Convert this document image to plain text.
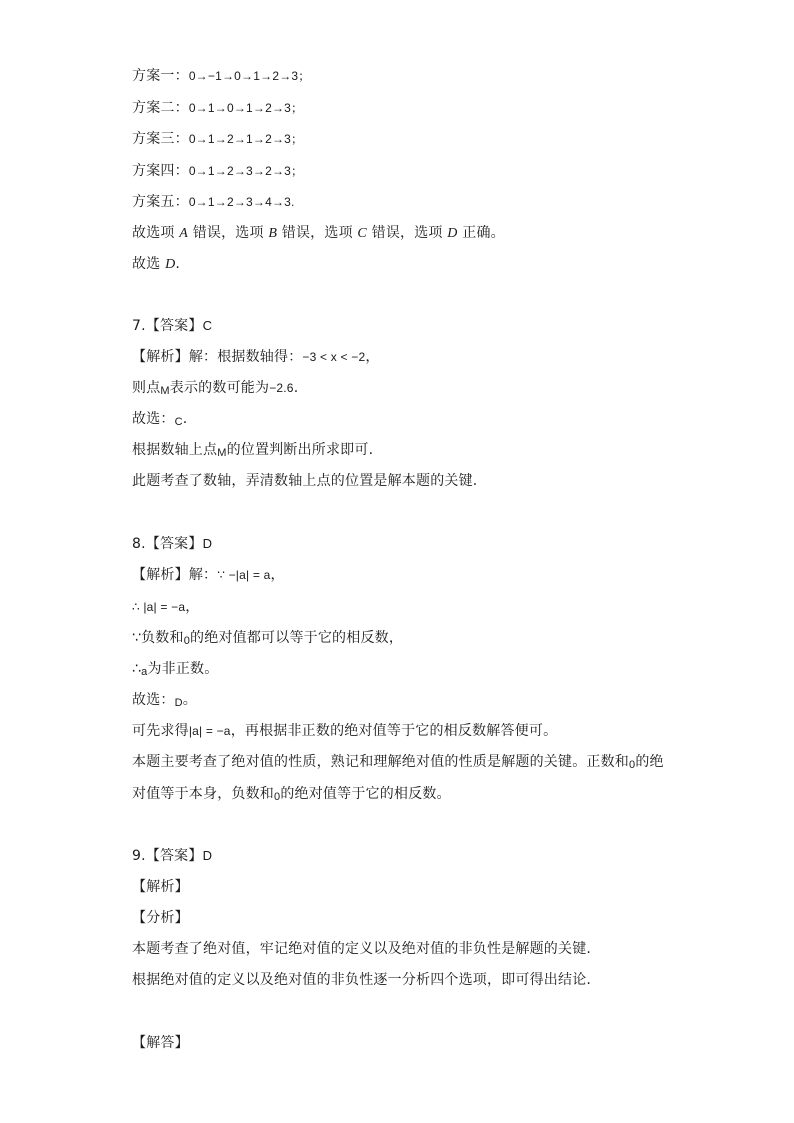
方案一：0→−1→0→1→2→3；
方案二：0→1→0→1→2→3；
方案三：0→1→2→1→2→3；
方案四：0→1→2→3→2→3；
方案五：0→1→2→3→4→3.
故选项 A 错误，选项 B 错误，选项 C 错误，选项 D 正确。
故选 D.
7.【答案】C
【解析】解：根据数轴得：−3 < x < −2，
则点M表示的数可能为−2.6.
故选：C.
根据数轴上点M的位置判断出所求即可.
此题考查了数轴，弄清数轴上点的位置是解本题的关键.
8.【答案】D
【解析】解：∵ −|a| = a，
∴ |a| = −a，
∵负数和0的绝对值都可以等于它的相反数，
∴a为非正数。
故选：D。
可先求得|a| = −a，再根据非正数的绝对值等于它的相反数解答便可。
本题主要考查了绝对值的性质，熟记和理解绝对值的性质是解题的关键。正数和0的绝
对值等于本身，负数和0的绝对值等于它的相反数。
9.【答案】D
【解析】
【分析】
本题考查了绝对值，牢记绝对值的定义以及绝对值的非负性是解题的关键.
根据绝对值的定义以及绝对值的非负性逐一分析四个选项，即可得出结论.
【解答】
